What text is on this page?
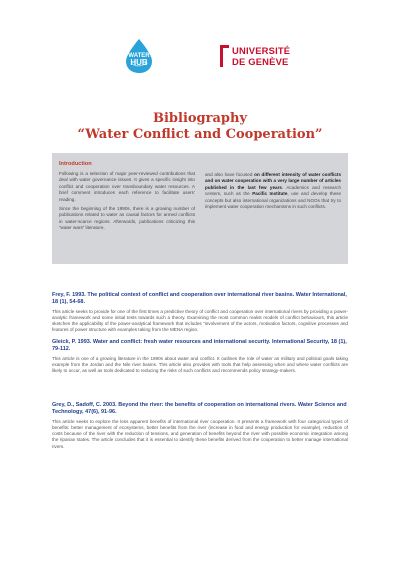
WATER
HUB
UNIVERSITÉ
DE GENÈVE
Bibliography
“Water Conflict and Cooperation”
Introduction

Following is a selection of major peer-reviewed contributions that deal with water governance issues. It gives a specific insight into conflict and cooperation over transboundary water resources. A brief comment introduces each reference to facilitate users’ reading.

Since the beginning of the 1990s, there is a growing number of publications related to water as causal factors for armed conflicts in water-scarce regions. Afterwards, publications criticizing this “water wars” literature,

and also have focused on different intensity of water conflicts and on water cooperation with a very large number of articles published in the last few years. Academics and research centers, such as the Pacific Institute, use and develop these concepts but also international organizations and NGOs that try to implement water cooperation mechanisms in such conflicts.

Frey, F. 1993. The political context of conflict and cooperation over international river basins. Water International, 18 (1), 54-68.

This article seeks to provide for one of the first times a predictive theory of conflict and cooperation over international rivers by providing a power-analytic framework and some initial tests towards such a theory. Examining the most common realist models of conflict behaviours, this article sketches the applicability of the power-analytical framework that includes “involvement of the actors, motivation factors, cognitive processes and features of power structure with examples taking from the MENA region.

Gleick, P. 1993. Water and conflict: fresh water resources and international security. International Security, 18 (1), 79-112.

This article is one of a growing literature in the 1990s about water and conflict. It outlines the role of water as military and political goals taking example from the Jordan and the Nile river basins. This article also provides with tools that help assessing when and where water conflicts are likely to occur, as well as tools dedicated to reducing the risks of such conflicts and recommends policy strategy-makers.

Grey, D., Sadoff, C. 2003. Beyond the river: the benefits of cooperation on international rivers. Water Science and Technology, 47(6), 91-96.

This article seeks to explore the less apparent benefits of international river cooperation. It presents a framework with four categorical types of benefits: better management of ecosystems, better benefits from the river (increase in food and energy production for example), reduction of costs because of the river with the reduction of tensions, and generation of benefits beyond the river with possible economic integration among the riparian states. The article concludes that it is essential to identify these benefits derived from the cooperation to better manage international rivers.
